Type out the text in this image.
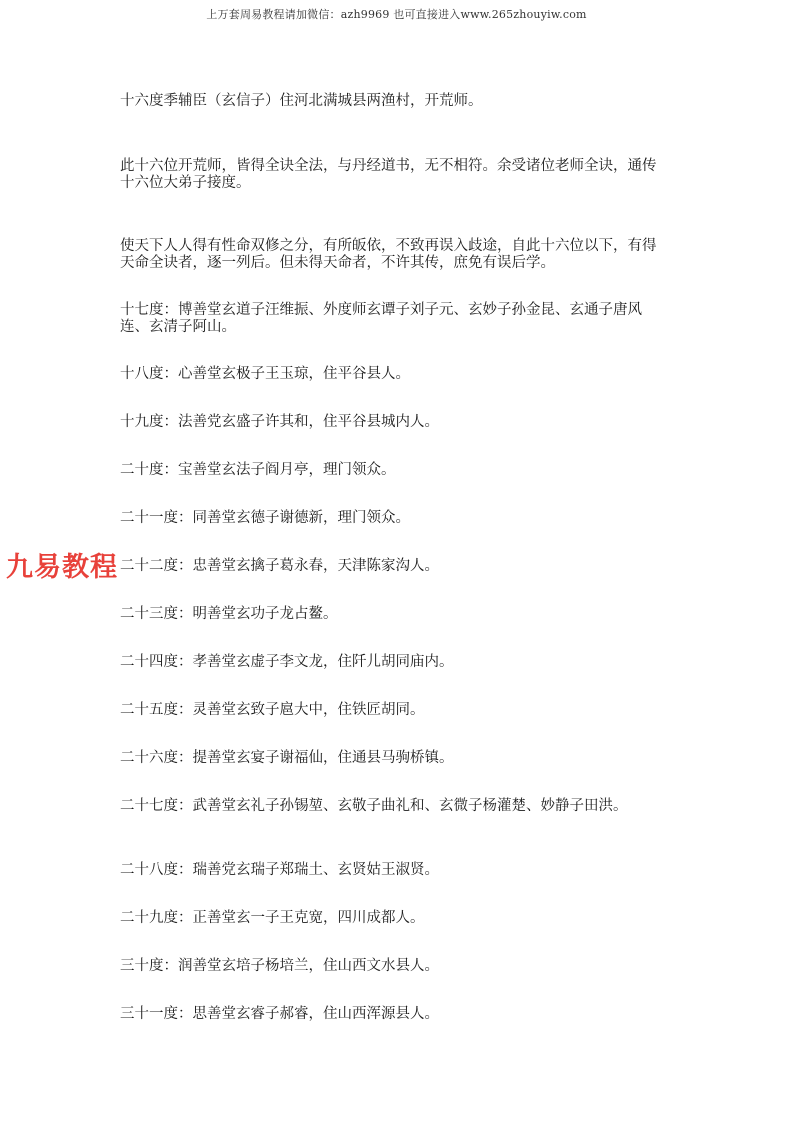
上万套周易教程请加微信：azh9969 也可直接进入www.265zhouyiw.com
九易教程
十六度季辅臣（玄信子）住河北满城县两渔村，开荒师。
此十六位开荒师，皆得全诀全法，与丹经道书，无不相符。余受诸位老师全诀，通传十六位大弟子接度。
使天下人人得有性命双修之分，有所皈依，不致再误入歧途，自此十六位以下，有得天命全诀者，逐一列后。但未得天命者，不许其传，庶免有误后学。
十七度：博善堂玄道子汪维振、外度师玄谭子刘子元、玄妙子孙金昆、玄通子唐风连、玄清子阿山。
十八度：心善堂玄极子王玉琼，住平谷县人。
十九度：法善党玄盛子许其和，住平谷县城内人。
二十度：宝善堂玄法子阎月亭，理门领众。
二十一度：同善堂玄德子谢德新，理门领众。
二十二度：忠善堂玄擒子葛永春，天津陈家沟人。
二十三度：明善堂玄功子龙占鳌。
二十四度：孝善堂玄虚子李文龙，住阡儿胡同庙内。
二十五度：灵善堂玄致子扈大中，住铁匠胡同。
二十六度：提善堂玄宴子谢福仙，住通县马驹桥镇。
二十七度：武善堂玄礼子孙锡堃、玄敬子曲礼和、玄微子杨灌楚、妙静子田洪。
二十八度：瑞善党玄瑞子郑瑞土、玄贤姑王淑贤。
二十九度：正善堂玄一子王克宽，四川成都人。
三十度：润善堂玄培子杨培兰，住山西文水县人。
三十一度：思善堂玄睿子郝睿，住山西浑源县人。
